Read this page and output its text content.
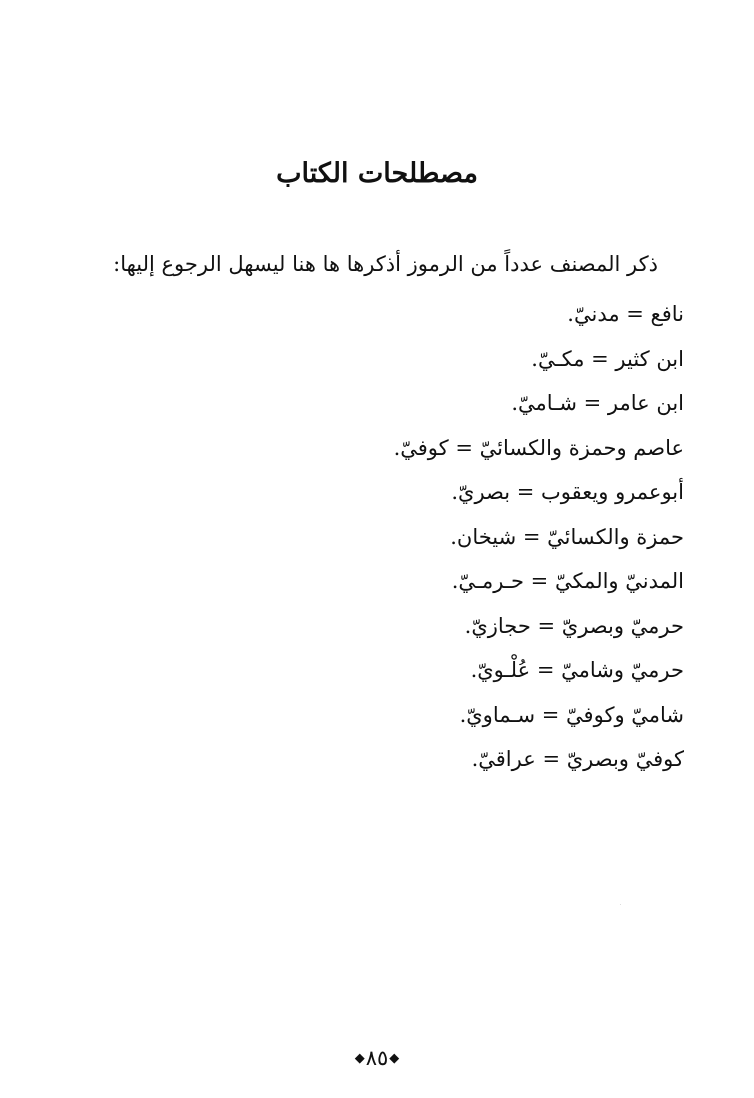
مصطلحات الكتاب

ذكر المصنف عدداً من الرموز أذكرها ها هنا ليسهل الرجوع إليها:

نافع = مدنيّ.
ابن كثير = مكـيّ.
ابن عامر = شـاميّ.
عاصم وحمزة والكسائيّ = كوفيّ.
أبوعمرو ويعقوب = بصريّ.
حمزة والكسائيّ = شيخان.
المدنيّ والمكيّ = حـرمـيّ.
حرميّ وبصريّ = حجازيّ.
حرميّ وشاميّ = عُلْـويّ.
شاميّ وكوفيّ = سـماويّ.
كوفيّ وبصريّ = عراقيّ.
◆٨٥◆
